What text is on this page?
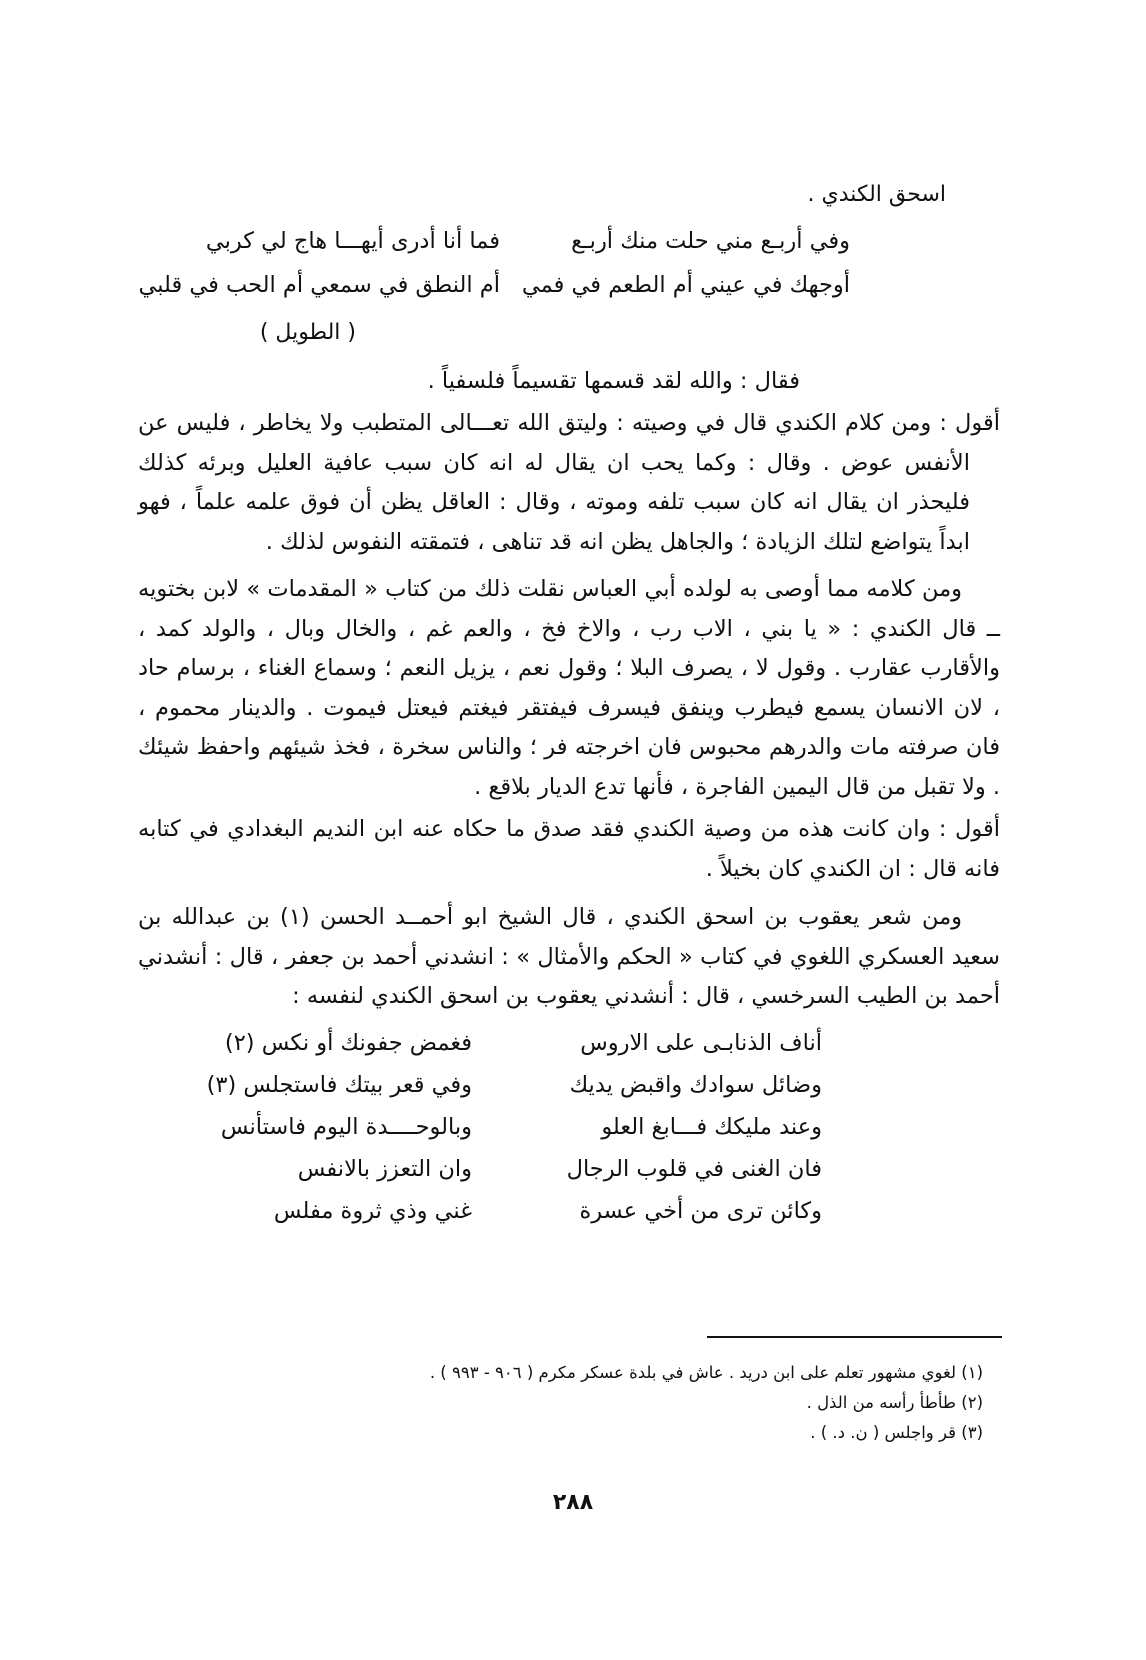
اسحق الكندي .
وفي أربـع مني حلت منك أربـع
فما أنا أدرى أيهـــا هاج لي كربي
أوجهك في عيني أم الطعم في فمي
أم النطق في سمعي أم الحب في قلبي
( الطويل )

فقال : والله لقد قسمها تقسيماً فلسفياً .

أقول : ومن كلام الكندي قال في وصيته : وليتق الله تعـــالى المتطبب ولا يخاطر ، فليس عن الأنفس عوض . وقال : وكما يحب ان يقال له انه كان سبب عافية العليل وبرئه كذلك فليحذر ان يقال انه كان سبب تلفه وموته ، وقال : العاقل يظن أن فوق علمه علماً ، فهو ابداً يتواضع لتلك الزيادة ؛ والجاهل يظن انه قد تناهى ، فتمقته النفوس لذلك .

ومن كلامه مما أوصى به لولده أبي العباس نقلت ذلك من كتاب « المقدمات » لابن بختويه ــ قال الكندي : « يا بني ، الاب رب ، والاخ فخ ، والعم غم ، والخال وبال ، والولد كمد ، والأقارب عقارب . وقول لا ، يصرف البلا ؛ وقول نعم ، يزيل النعم ؛ وسماع الغناء ، برسام حاد ، لان الانسان يسمع فيطرب وينفق فيسرف فيفتقر فيغتم فيعتل فيموت . والدينار محموم ، فان صرفته مات والدرهم محبوس فان اخرجته فر ؛ والناس سخرة ، فخذ شيئهم واحفظ شيئك . ولا تقبل من قال اليمين الفاجرة ، فأنها تدع الديار بلاقع .

أقول : وان كانت هذه من وصية الكندي فقد صدق ما حكاه عنه ابن النديم البغدادي في كتابه فانه قال : ان الكندي كان بخيلاً .

ومن شعر يعقوب بن اسحق الكندي ، قال الشيخ ابو أحمــد الحسن (١) بن عبدالله بن سعيد العسكري اللغوي في كتاب « الحكم والأمثال » : انشدني أحمد بن جعفر ، قال : أنشدني أحمد بن الطيب السرخسي ، قال : أنشدني يعقوب بن اسحق الكندي لنفسه :

أناف الذنابـى على الاروس
فغمض جفونك أو نكس (٢)
وضائل سوادك واقبض يديك
وفي قعر بيتك فاستجلس (٣)
وعند مليكك فـــابغ العلو
وبالوحــــدة اليوم فاستأنس
فان الغنى في قلوب الرجال
وان التعزز بالانفس
وكائن ترى من أخي عسرة
غني وذي ثروة مفلس
(١) لغوي مشهور تعلم على ابن دريد . عاش في بلدة عسكر مكرم ( ٩٠٦ - ٩٩٣ ) .
(٢) طأطأ رأسه من الذل .
(٣) قر واجلس ( ن. د. ) .
٢٨٨
